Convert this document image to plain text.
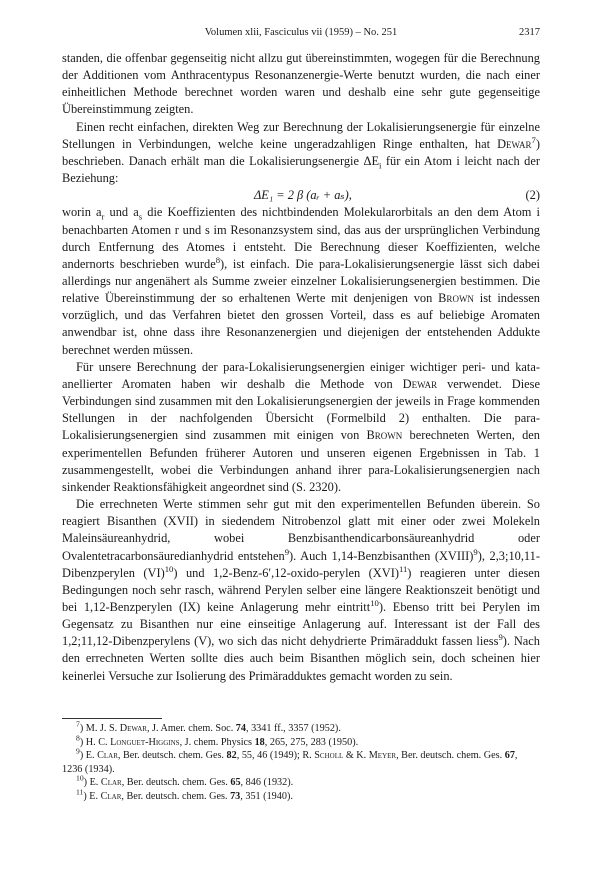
Volumen xlii, Fasciculus vii (1959) – No. 251	2317

standen, die offenbar gegenseitig nicht allzu gut übereinstimmten, wogegen für die Berechnung der Additionen vom Anthracentypus Resonanzenergie-Werte benutzt wurden, die nach einer einheitlichen Methode berechnet worden waren und deshalb eine sehr gute gegenseitige Übereinstimmung zeigten.

Einen recht einfachen, direkten Weg zur Berechnung der Lokalisierungsenergie für einzelne Stellungen in Verbindungen, welche keine ungeradzahligen Ringe enthalten, hat Dewar$^7$) beschrieben. Danach erhält man die Lokalisierungsenergie $\Delta E_i$ für ein Atom i leicht nach der Beziehung:

ΔE₁ = 2 β (aᵣ + aₛ),	(2)

worin $a_r$ und $a_s$ die Koeffizienten des nichtbindenden Molekularorbitals an den dem Atom i benachbarten Atomen r und s im Resonanzsystem sind, das aus der ursprünglichen Verbindung durch Entfernung des Atomes i entsteht. Die Berechnung dieser Koeffizienten, welche andernorts beschrieben wurde$^8$), ist einfach. Die para-Lokalisierungsenergie lässt sich dabei allerdings nur angenähert als Summe zweier einzelner Lokalisierungsenergien bestimmen. Die relative Übereinstimmung der so erhaltenen Werte mit denjenigen von Brown ist indessen vorzüglich, und das Verfahren bietet den grossen Vorteil, dass es auf beliebige Aromaten anwendbar ist, ohne dass ihre Resonanzenergien und diejenigen der entstehenden Addukte berechnet werden müssen.

Für unsere Berechnung der para-Lokalisierungsenergien einiger wichtiger peri- und kata-anellierter Aromaten haben wir deshalb die Methode von Dewar verwendet. Diese Verbindungen sind zusammen mit den Lokalisierungsenergien der jeweils in Frage kommenden Stellungen in der nachfolgenden Übersicht (Formelbild 2) enthalten. Die para-Lokalisierungsenergien sind zusammen mit einigen von Brown berechneten Werten, den experimentellen Befunden früherer Autoren und unseren eigenen Ergebnissen in Tab. 1 zusammengestellt, wobei die Verbindungen anhand ihrer para-Lokalisierungsenergien nach sinkender Reaktionsfähigkeit angeordnet sind (S. 2320).

Die errechneten Werte stimmen sehr gut mit den experimentellen Befunden überein. So reagiert Bisanthen (XVII) in siedendem Nitrobenzol glatt mit einer oder zwei Molekeln Maleinsäureanhydrid, wobei Benzbisanthendicarbonsäureanhydrid oder Ovalentetracarbonsäuredianhydrid entstehen$^9$). Auch 1,14-Benzbisanthen (XVIII)$^9$), 2,3;10,11-Dibenzperylen (VI)$^{10}$) und 1,2-Benz-6′,12-oxido-perylen (XVI)$^{11}$) reagieren unter diesen Bedingungen noch sehr rasch, während Perylen selber eine längere Reaktionszeit benötigt und bei 1,12-Benzperylen (IX) keine Anlagerung mehr eintritt$^{10}$). Ebenso tritt bei Perylen im Gegensatz zu Bisanthen nur eine einseitige Anlagerung auf. Interessant ist der Fall des 1,2;11,12-Dibenzperylens (V), wo sich das nicht dehydrierte Primäraddukt fassen liess$^9$). Nach den errechneten Werten sollte dies auch beim Bisanthen möglich sein, doch scheinen hier keinerlei Versuche zur Isolierung des Primäradduktes gemacht worden zu sein.

$^7$) M. J. S. Dewar, J. Amer. chem. Soc. 74, 3341 ff., 3357 (1952).

$^8$) H. C. Longuet-Higgins, J. chem. Physics 18, 265, 275, 283 (1950).

$^9$) E. Clar, Ber. deutsch. chem. Ges. 82, 55, 46 (1949); R. Scholl & K. Meyer, Ber. deutsch. chem. Ges. 67, 1236 (1934).

$^{10}$) E. Clar, Ber. deutsch. chem. Ges. 65, 846 (1932).

$^{11}$) E. Clar, Ber. deutsch. chem. Ges. 73, 351 (1940).
